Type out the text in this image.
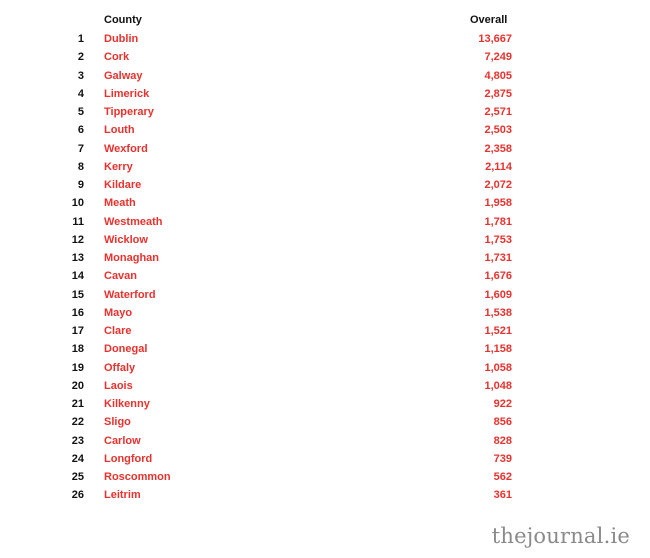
County	Overall
1 Dublin	13,667
2 Cork	7,249
3 Galway	4,805
4 Limerick	2,875
5 Tipperary	2,571
6 Louth	2,503
7 Wexford	2,358
8 Kerry	2,114
9 Kildare	2,072
10 Meath	1,958
11 Westmeath	1,781
12 Wicklow	1,753
13 Monaghan	1,731
14 Cavan	1,676
15 Waterford	1,609
16 Mayo	1,538
17 Clare	1,521
18 Donegal	1,158
19 Offaly	1,058
20 Laois	1,048
21 Kilkenny	922
22 Sligo	856
23 Carlow	828
24 Longford	739
25 Roscommon	562
26 Leitrim	361
thejournal.ie
